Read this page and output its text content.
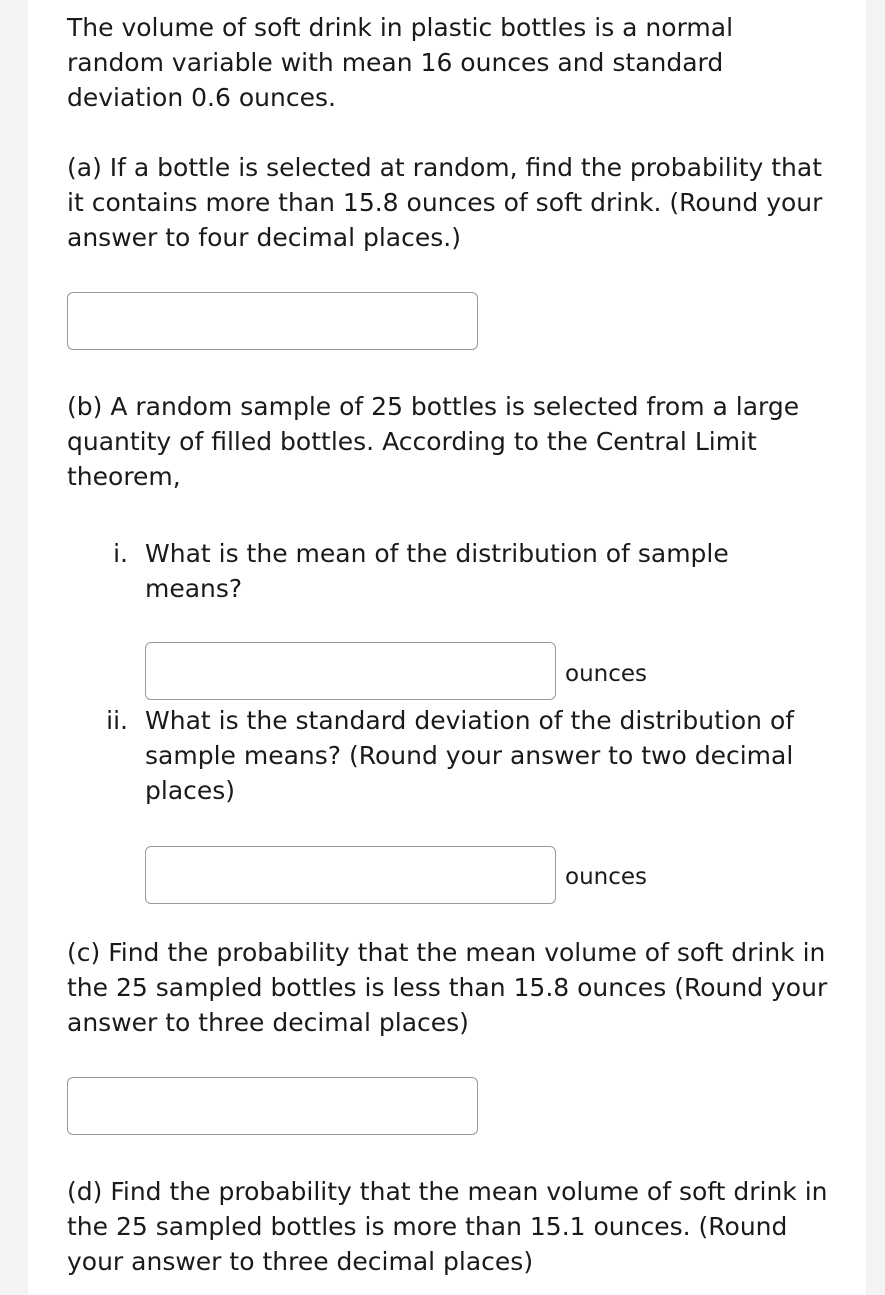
The volume of soft drink in plastic bottles is a normal random variable with mean 16 ounces and standard deviation 0.6 ounces.

(a) If a bottle is selected at random, find the probability that it contains more than 15.8 ounces of soft drink. (Round your answer to four decimal places.)

(b) A random sample of 25 bottles is selected from a large quantity of filled bottles. According to the Central Limit theorem,

i. What is the mean of the distribution of sample means?

ounces
ii. What is the standard deviation of the distribution of sample means? (Round your answer to two decimal places)

ounces

(c) Find the probability that the mean volume of soft drink in the 25 sampled bottles is less than 15.8 ounces (Round your answer to three decimal places)

(d) Find the probability that the mean volume of soft drink in the 25 sampled bottles is more than 15.1 ounces. (Round your answer to three decimal places)
